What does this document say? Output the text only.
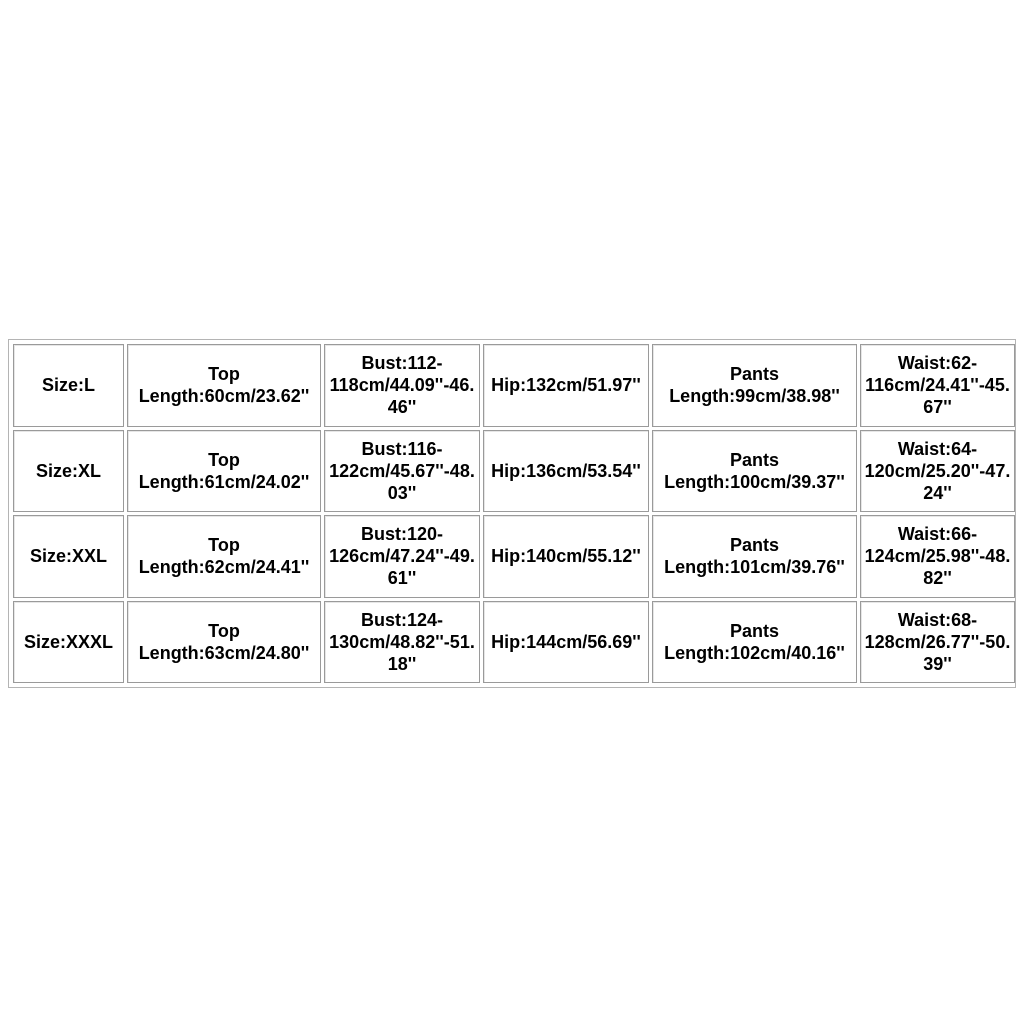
Size:L	Top Length:60cm/23.62''	Bust:112-118cm/44.09''-46.46''	Hip:132cm/51.97''	Pants Length:99cm/38.98''	Waist:62-116cm/24.41''-45.67''
Size:XL	Top Length:61cm/24.02''	Bust:116-122cm/45.67''-48.03''	Hip:136cm/53.54''	Pants Length:100cm/39.37''	Waist:64-120cm/25.20''-47.24''
Size:XXL	Top Length:62cm/24.41''	Bust:120-126cm/47.24''-49.61''	Hip:140cm/55.12''	Pants Length:101cm/39.76''	Waist:66-124cm/25.98''-48.82''
Size:XXXL	Top Length:63cm/24.80''	Bust:124-130cm/48.82''-51.18''	Hip:144cm/56.69''	Pants Length:102cm/40.16''	Waist:68-128cm/26.77''-50.39''
